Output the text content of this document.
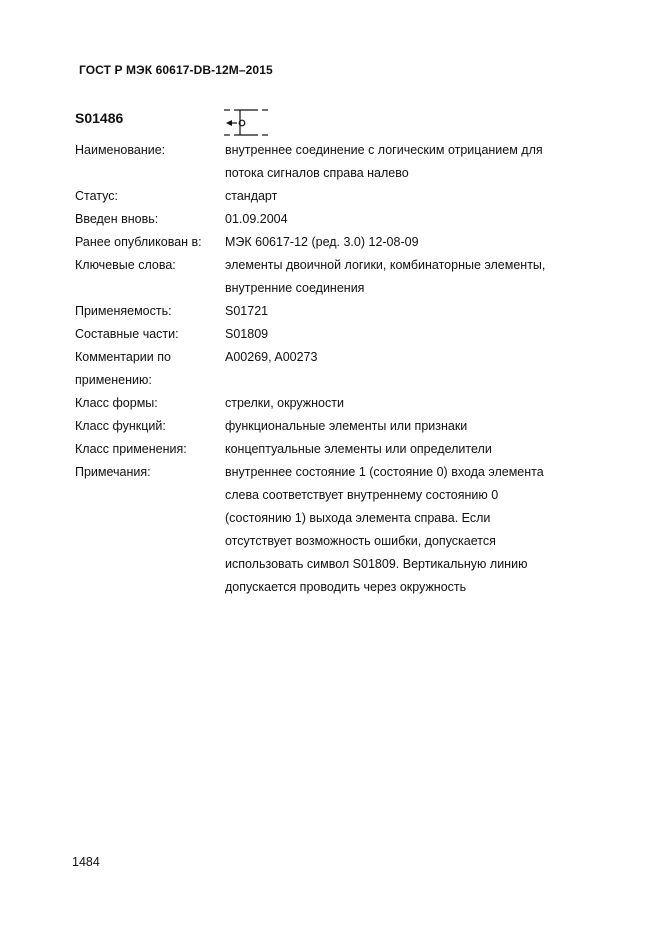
ГОСТ Р МЭК 60617-DB-12M–2015
S01486
Наименование:	внутреннее соединение с логическим отрицанием для
потока сигналов справа налево
Статус:	стандарт
Введен вновь:	01.09.2004
Ранее опубликован в:	МЭК 60617-12 (ред. 3.0) 12-08-09
Ключевые слова:	элементы двоичной логики, комбинаторные элементы,
внутренние соединения
Применяемость:	S01721
Составные части:	S01809
Комментарии по применению:
A00269, A00273
Класс формы:	стрелки, окружности
Класс функций:	функциональные элементы или признаки
Класс применения:	концептуальные элементы или определители
Примечания:	внутреннее состояние 1 (состояние 0) входа элемента
слева соответствует внутреннему состоянию 0
(состоянию 1) выхода элемента справа. Если
отсутствует возможность ошибки, допускается
использовать символ S01809. Вертикальную линию
допускается проводить через окружность
1484
